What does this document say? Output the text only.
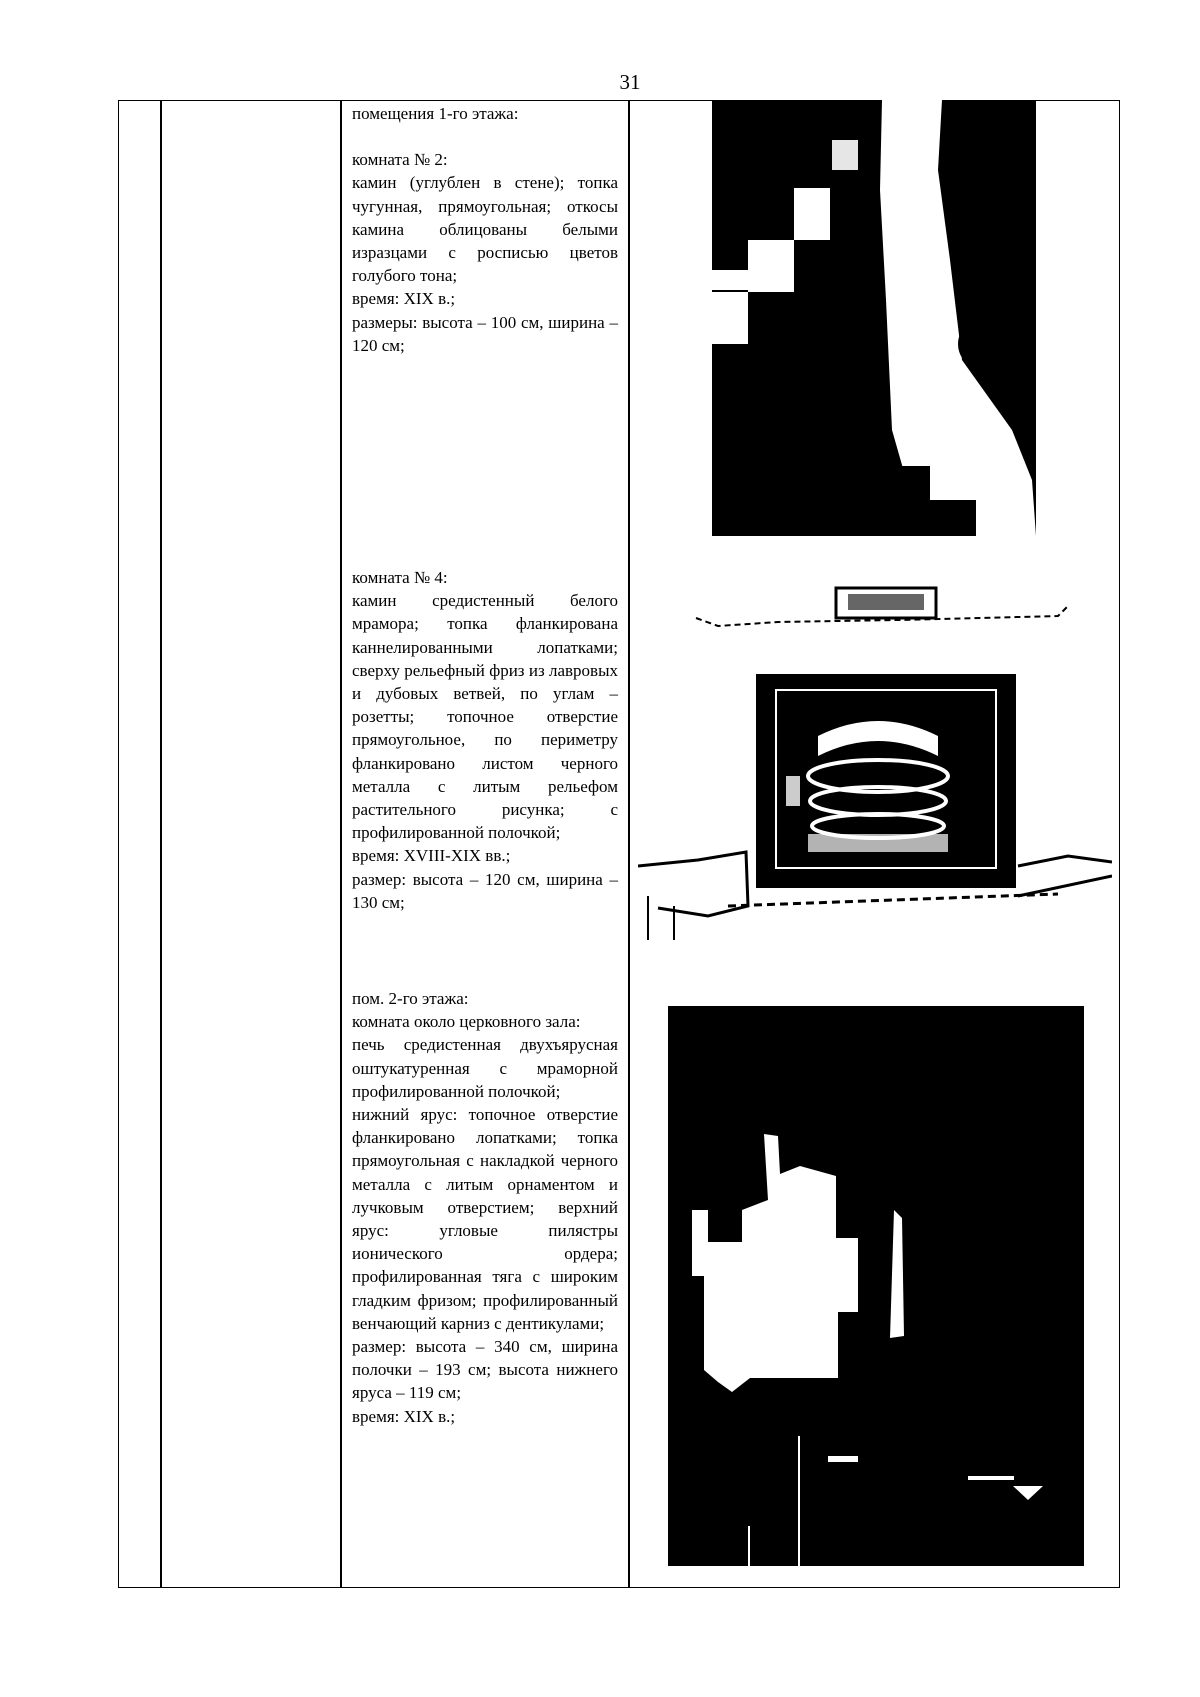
31

помещения 1-го этажа:

комната № 2:

камин (углублен в стене); топка чугунная, прямоугольная; откосы камина облицованы белыми изразцами с росписью цветов голубого тона;

время: XIX в.;

размеры: высота – 100 см, ширина – 120 см;

комната № 4:

камин средистенный белого мрамора; топка фланкирована каннелированными лопатками; сверху рельефный фриз из лавровых и дубовых ветвей, по углам – розетты; топочное отверстие прямоугольное, по периметру фланкировано листом черного металла с литым рельефом растительного рисунка; с профилированной полочкой;

время: XVIII-XIX вв.;

размер: высота – 120 см, ширина – 130 см;

пом. 2-го этажа:

комната около церковного зала:

печь средистенная двухъярусная оштукатуренная с мраморной профилированной полочкой;

нижний ярус: топочное отверстие фланкировано лопатками; топка прямоугольная с накладкой черного металла с литым орнаментом и лучковым отверстием; верхний ярус: угловые пилястры ионического ордера; профилированная тяга с широким гладким фризом; профилированный венчающий карниз с дентикулами;

размер: высота – 340 см, ширина полочки – 193 см; высота нижнего яруса – 119 см;

время: XIX в.;
